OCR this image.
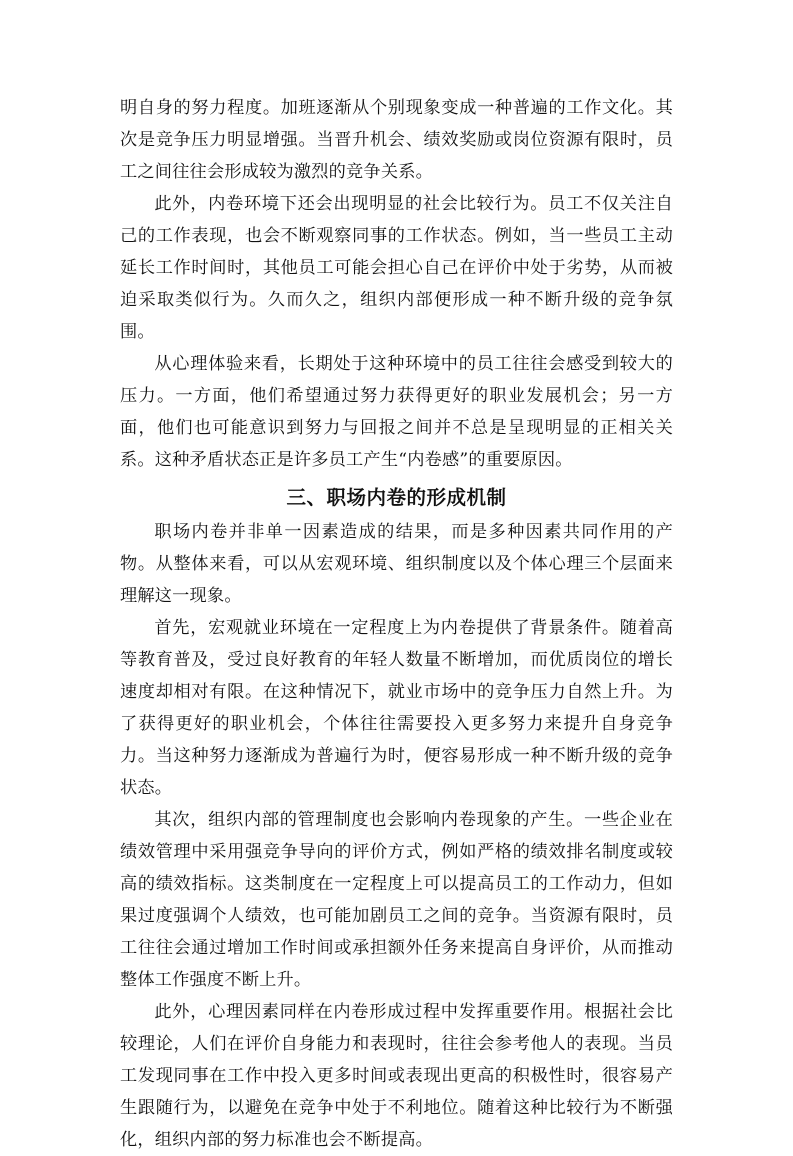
明自身的努力程度。加班逐渐从个别现象变成一种普遍的工作文化。其次是竞争压力明显增强。当晋升机会、绩效奖励或岗位资源有限时，员工之间往往会形成较为激烈的竞争关系。

此外，内卷环境下还会出现明显的社会比较行为。员工不仅关注自己的工作表现，也会不断观察同事的工作状态。例如，当一些员工主动延长工作时间时，其他员工可能会担心自己在评价中处于劣势，从而被迫采取类似行为。久而久之，组织内部便形成一种不断升级的竞争氛围。

从心理体验来看，长期处于这种环境中的员工往往会感受到较大的压力。一方面，他们希望通过努力获得更好的职业发展机会；另一方面，他们也可能意识到努力与回报之间并不总是呈现明显的正相关关系。这种矛盾状态正是许多员工产生“内卷感”的重要原因。

三、职场内卷的形成机制

职场内卷并非单一因素造成的结果，而是多种因素共同作用的产物。从整体来看，可以从宏观环境、组织制度以及个体心理三个层面来理解这一现象。

首先，宏观就业环境在一定程度上为内卷提供了背景条件。随着高等教育普及，受过良好教育的年轻人数量不断增加，而优质岗位的增长速度却相对有限。在这种情况下，就业市场中的竞争压力自然上升。为了获得更好的职业机会，个体往往需要投入更多努力来提升自身竞争力。当这种努力逐渐成为普遍行为时，便容易形成一种不断升级的竞争状态。

其次，组织内部的管理制度也会影响内卷现象的产生。一些企业在绩效管理中采用强竞争导向的评价方式，例如严格的绩效排名制度或较高的绩效指标。这类制度在一定程度上可以提高员工的工作动力，但如果过度强调个人绩效，也可能加剧员工之间的竞争。当资源有限时，员工往往会通过增加工作时间或承担额外任务来提高自身评价，从而推动整体工作强度不断上升。

此外，心理因素同样在内卷形成过程中发挥重要作用。根据社会比较理论，人们在评价自身能力和表现时，往往会参考他人的表现。当员工发现同事在工作中投入更多时间或表现出更高的积极性时，很容易产生跟随行为，以避免在竞争中处于不利地位。随着这种比较行为不断强化，组织内部的努力标准也会不断提高。
